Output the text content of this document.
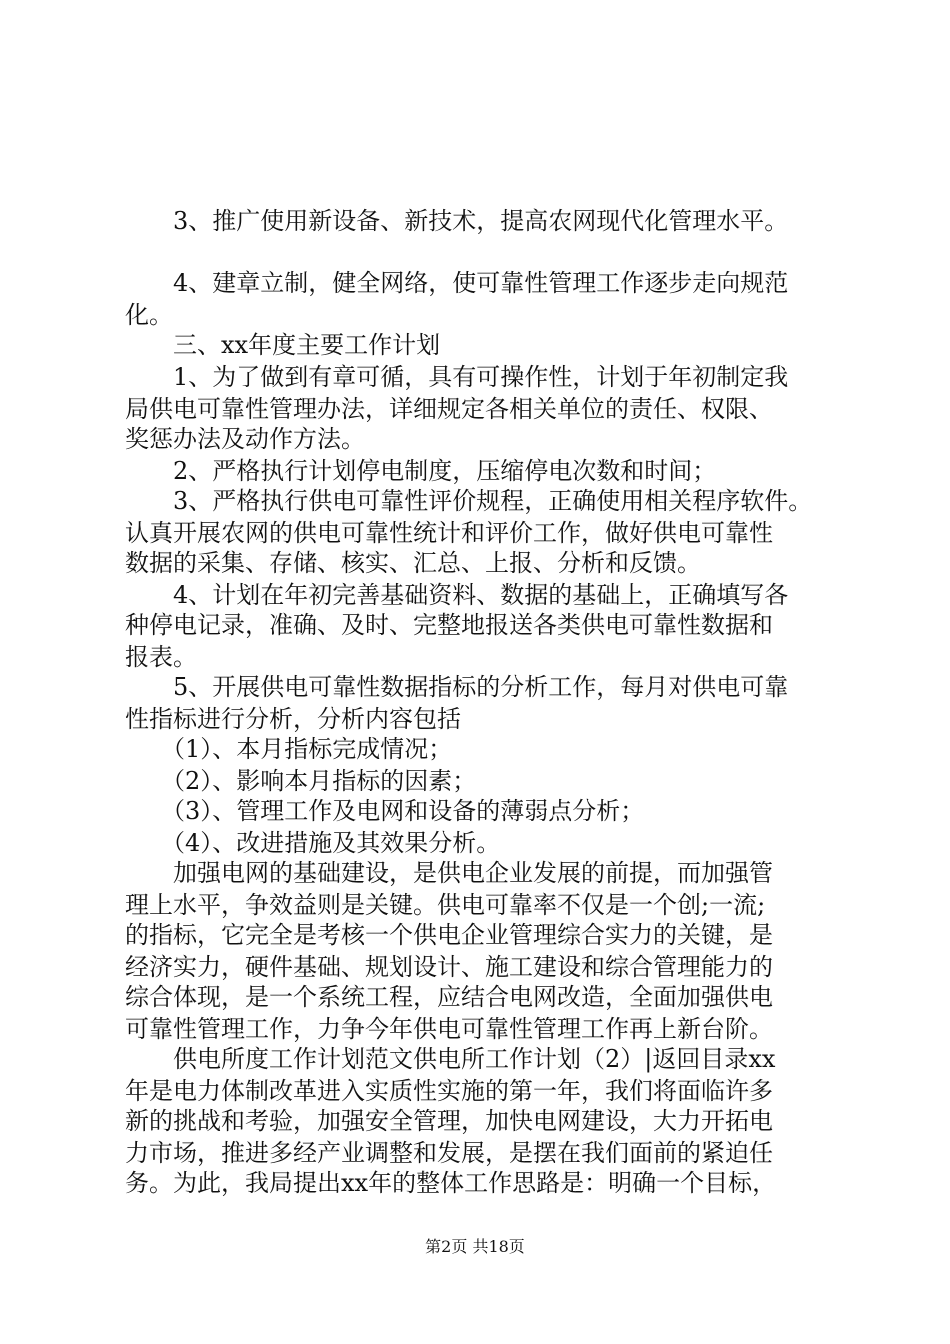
　　3、推广使用新设备、新技术，提高农网现代化管理水平。
　　4、建章立制，健全网络，使可靠性管理工作逐步走向规范
化。
　　三、xx年度主要工作计划
　　1、为了做到有章可循，具有可操作性，计划于年初制定我
局供电可靠性管理办法，详细规定各相关单位的责任、权限、
奖惩办法及动作方法。
　　2、严格执行计划停电制度，压缩停电次数和时间；
　　3、严格执行供电可靠性评价规程，正确使用相关程序软件。
认真开展农网的供电可靠性统计和评价工作，做好供电可靠性
数据的采集、存储、核实、汇总、上报、分析和反馈。
　　4、计划在年初完善基础资料、数据的基础上，正确填写各
种停电记录，准确、及时、完整地报送各类供电可靠性数据和
报表。
　　5、开展供电可靠性数据指标的分析工作，每月对供电可靠
性指标进行分析，分析内容包括
　　（1）、本月指标完成情况；
　　（2）、影响本月指标的因素；
　　（3）、管理工作及电网和设备的薄弱点分析；
　　（4）、改进措施及其效果分析。
　　加强电网的基础建设，是供电企业发展的前提，而加强管
理上水平，争效益则是关键。供电可靠率不仅是一个创;一流;
的指标，它完全是考核一个供电企业管理综合实力的关键，是
经济实力，硬件基础、规划设计、施工建设和综合管理能力的
综合体现，是一个系统工程，应结合电网改造，全面加强供电
可靠性管理工作，力争今年供电可靠性管理工作再上新台阶。
　　供电所度工作计划范文供电所工作计划（2）|返回目录xx
年是电力体制改革进入实质性实施的第一年，我们将面临许多
新的挑战和考验，加强安全管理，加快电网建设，大力开拓电
力市场，推进多经产业调整和发展，是摆在我们面前的紧迫任
务。为此，我局提出xx年的整体工作思路是：明确一个目标，
第2页 共18页
